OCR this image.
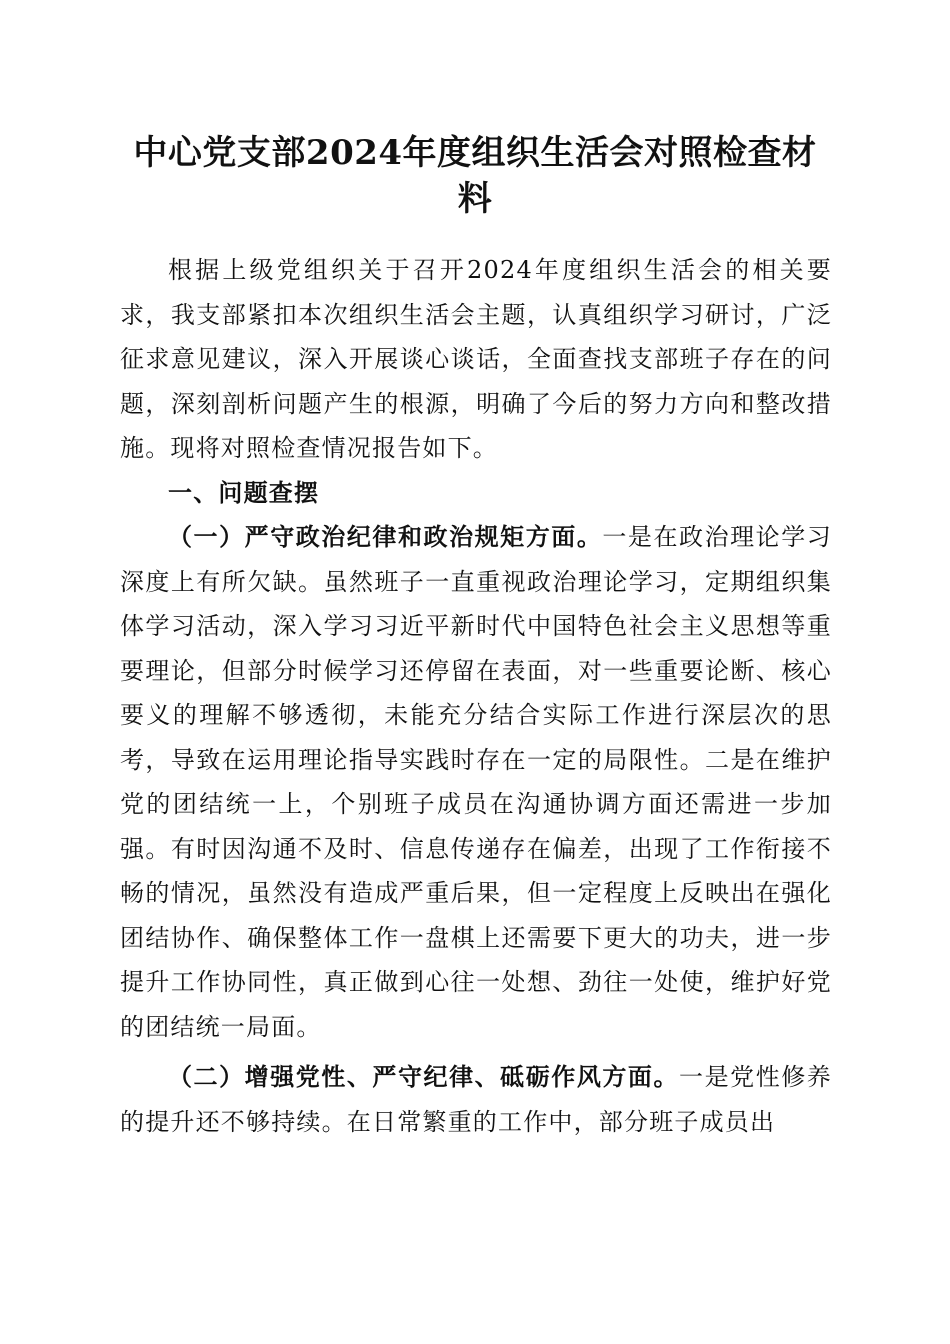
中心党支部2024年度组织生活会对照检查材料

根据上级党组织关于召开2024年度组织生活会的相关要求，我支部紧扣本次组织生活会主题，认真组织学习研讨，广泛征求意见建议，深入开展谈心谈话，全面查找支部班子存在的问题，深刻剖析问题产生的根源，明确了今后的努力方向和整改措施。现将对照检查情况报告如下。

一、问题查摆

（一）严守政治纪律和政治规矩方面。一是在政治理论学习深度上有所欠缺。虽然班子一直重视政治理论学习，定期组织集体学习活动，深入学习习近平新时代中国特色社会主义思想等重要理论，但部分时候学习还停留在表面，对一些重要论断、核心要义的理解不够透彻，未能充分结合实际工作进行深层次的思考，导致在运用理论指导实践时存在一定的局限性。二是在维护党的团结统一上，个别班子成员在沟通协调方面还需进一步加强。有时因沟通不及时、信息传递存在偏差，出现了工作衔接不畅的情况，虽然没有造成严重后果，但一定程度上反映出在强化团结协作、确保整体工作一盘棋上还需要下更大的功夫，进一步提升工作协同性，真正做到心往一处想、劲往一处使，维护好党的团结统一局面。

（二）增强党性、严守纪律、砥砺作风方面。一是党性修养的提升还不够持续。在日常繁重的工作中，部分班子成员出
